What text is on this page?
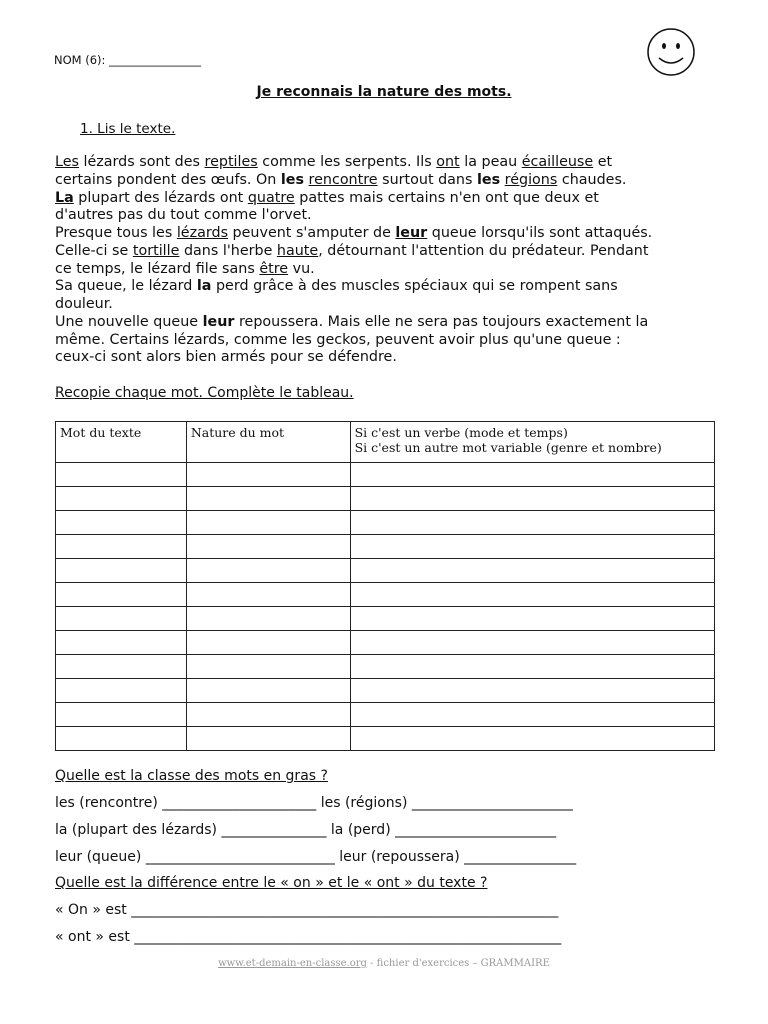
NOM (6): ________________
Je reconnais la nature des mots.
1. Lis le texte.
Les lézards sont des reptiles comme les serpents. Ils ont la peau écailleuse et
certains pondent des œufs. On les rencontre surtout dans les régions chaudes.
La plupart des lézards ont quatre pattes mais certains n'en ont que deux et
d'autres pas du tout comme l'orvet.
Presque tous les lézards peuvent s'amputer de leur queue lorsqu'ils sont attaqués.
Celle-ci se tortille dans l'herbe haute, détournant l'attention du prédateur. Pendant
ce temps, le lézard file sans être vu.
Sa queue, le lézard la perd grâce à des muscles spéciaux qui se rompent sans
douleur.
Une nouvelle queue leur repoussera. Mais elle ne sera pas toujours exactement la
même. Certains lézards, comme les geckos, peuvent avoir plus qu'une queue :
ceux-ci sont alors bien armés pour se défendre.
Recopie chaque mot. Complète le tableau.
Mot du texte	Nature du mot	Si c'est un verbe (mode et temps)
Si c'est un autre mot variable (genre et nombre)

Quelle est la classe des mots en gras ?
les (rencontre) ______________________ les (régions) _______________________
la (plupart des lézards) _______________ la (perd) _______________________
leur (queue) ___________________________ leur (repoussera) ________________
Quelle est la différence entre le « on » et le « ont » du texte ?
« On » est _____________________________________________________________
« ont » est _____________________________________________________________
www.et-demain-en-classe.org - fichier d'exercices – GRAMMAIRE
